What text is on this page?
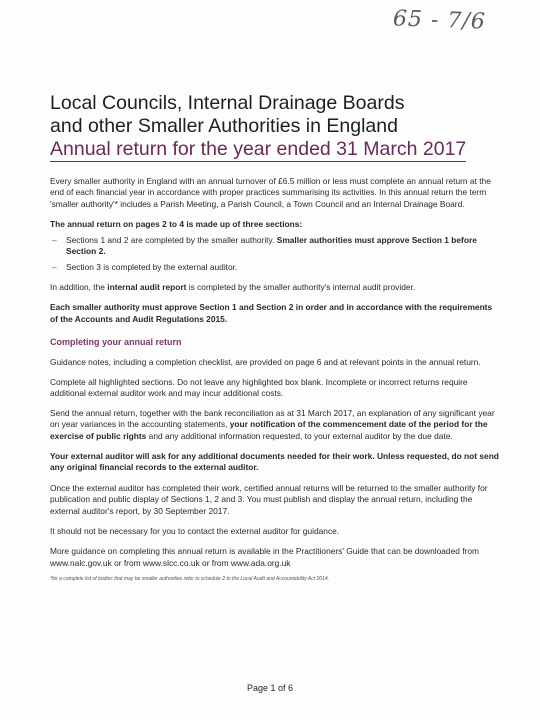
65 - 7/6
Local Councils, Internal Drainage Boards
and other Smaller Authorities in England
Annual return for the year ended 31 March 2017

Every smaller authority in England with an annual turnover of £6.5 million or less must complete an annual return at the end of each financial year in accordance with proper practices summarising its activities. In this annual return the term 'smaller authority'* includes a Parish Meeting, a Parish Council, a Town Council and an Internal Drainage Board.

The annual return on pages 2 to 4 is made up of three sections:

– Sections 1 and 2 are completed by the smaller authority. Smaller authorities must approve Section 1 before Section 2.
– Section 3 is completed by the external auditor.

In addition, the internal audit report is completed by the smaller authority's internal audit provider.

Each smaller authority must approve Section 1 and Section 2 in order and in accordance with the requirements of the Accounts and Audit Regulations 2015.

Completing your annual return

Guidance notes, including a completion checklist, are provided on page 6 and at relevant points in the annual return.

Complete all highlighted sections. Do not leave any highlighted box blank. Incomplete or incorrect returns require additional external auditor work and may incur additional costs.

Send the annual return, together with the bank reconciliation as at 31 March 2017, an explanation of any significant year on year variances in the accounting statements, your notification of the commencement date of the period for the exercise of public rights and any additional information requested, to your external auditor by the due date.

Your external auditor will ask for any additional documents needed for their work. Unless requested, do not send any original financial records to the external auditor.

Once the external auditor has completed their work, certified annual returns will be returned to the smaller authority for publication and public display of Sections 1, 2 and 3. You must publish and display the annual return, including the external auditor's report, by 30 September 2017.

It should not be necessary for you to contact the external auditor for guidance.

More guidance on completing this annual return is available in the Practitioners' Guide that can be downloaded from www.nalc.gov.uk or from www.slcc.co.uk or from www.ada.org.uk

*for a complete list of bodies that may be smaller authorities refer to schedule 2 to the Local Audit and Accountability Act 2014.

Page 1 of 6
